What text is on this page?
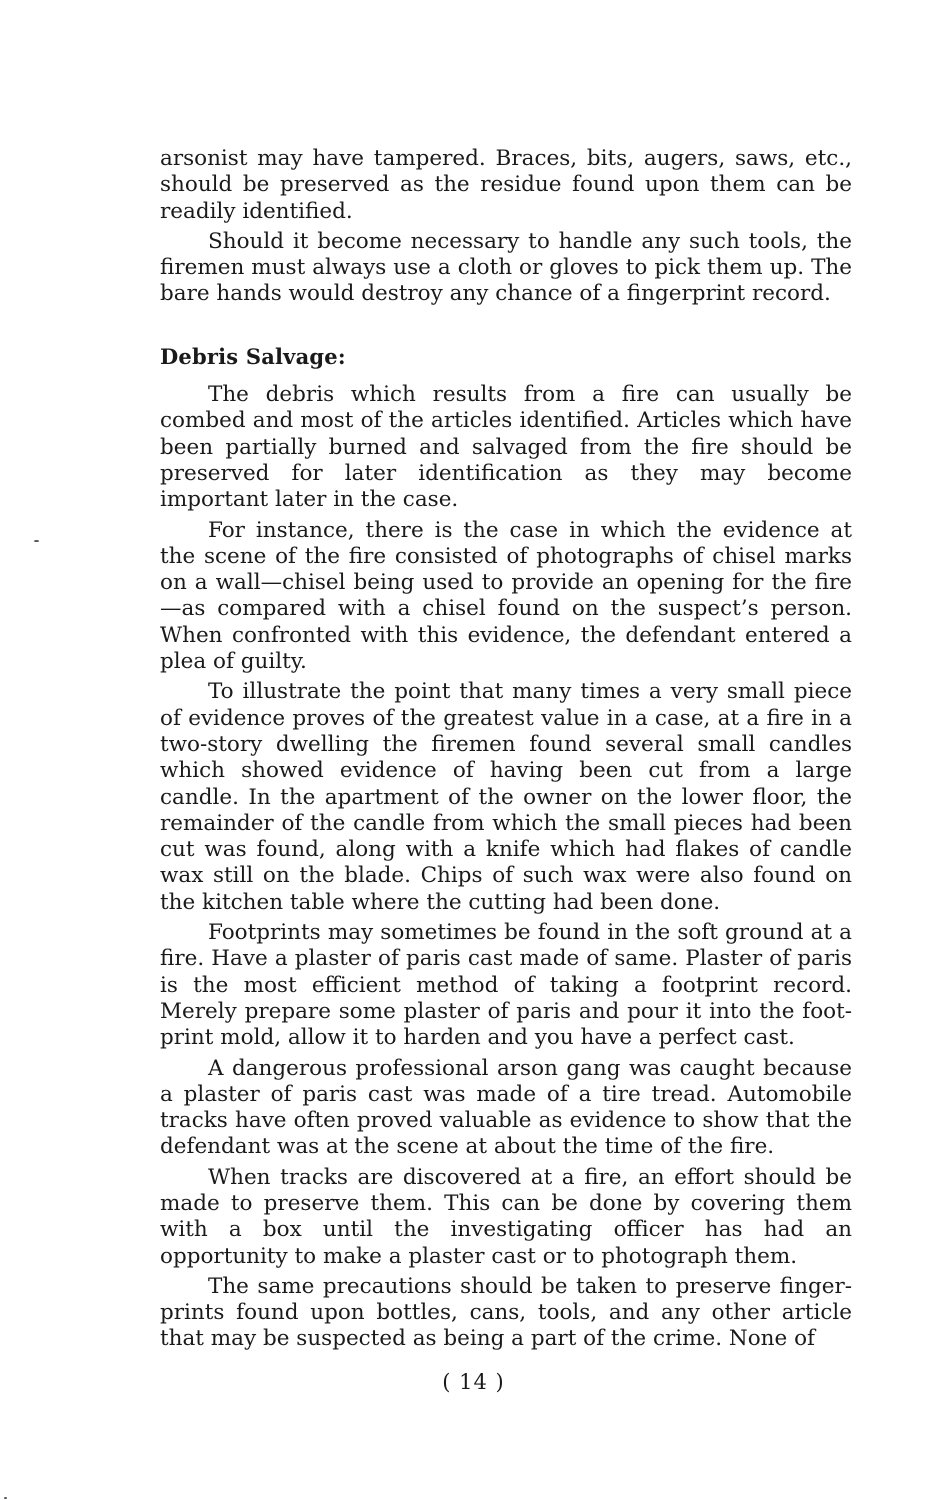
arsonist may have tampered. Braces, bits, augers, saws, etc., should be preserved as the residue found upon them can be readily identified.

Should it become necessary to handle any such tools, the firemen must always use a cloth or gloves to pick them up. The bare hands would destroy any chance of a fingerprint record.

Debris Salvage:

The debris which results from a fire can usually be combed and most of the articles identified. Articles which have been partially burned and salvaged from the fire should be preserved for later identification as they may become important later in the case.

For instance, there is the case in which the evidence at the scene of the fire consisted of photographs of chisel marks on a wall—chisel being used to provide an opening for the fire—as compared with a chisel found on the suspect’s person. When confronted with this evidence, the defendant entered a plea of guilty.

To illustrate the point that many times a very small piece of evidence proves of the greatest value in a case, at a fire in a two-story dwelling the firemen found several small candles which showed evidence of having been cut from a large candle. In the apartment of the owner on the lower floor, the remainder of the candle from which the small pieces had been cut was found, along with a knife which had flakes of candle wax still on the blade. Chips of such wax were also found on the kitchen table where the cutting had been done.

Footprints may sometimes be found in the soft ground at a fire. Have a plaster of paris cast made of same. Plaster of paris is the most efficient method of taking a footprint record. Merely prepare some plaster of paris and pour it into the foot-print mold, allow it to harden and you have a perfect cast.

A dangerous professional arson gang was caught because a plaster of paris cast was made of a tire tread. Automobile tracks have often proved valuable as evidence to show that the defendant was at the scene at about the time of the fire.

When tracks are discovered at a fire, an effort should be made to preserve them. This can be done by covering them with a box until the investigating officer has had an opportunity to make a plaster cast or to photograph them.

The same precautions should be taken to preserve finger-prints found upon bottles, cans, tools, and any other article that may be suspected as being a part of the crime. None of

( 14 )
